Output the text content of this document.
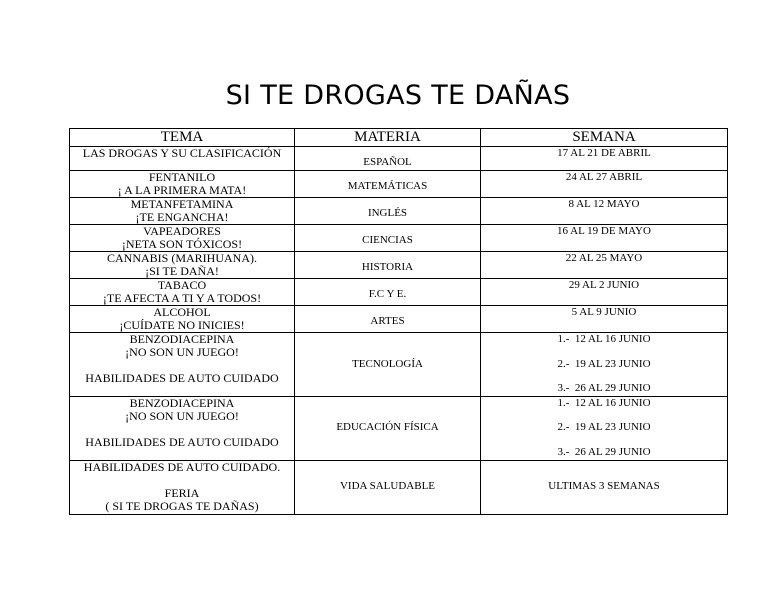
SI TE DROGAS TE DAÑAS
TEMA	MATERIA	SEMANA

LAS DROGAS Y SU CLASIFICACIÓN	ESPAÑOL	17 AL 21 DE ABRIL

FENTANILO
¡ A LA PRIMERA MATA!	MATEMÁTICAS	24 AL 27 ABRIL

METANFETAMINA
¡TE ENGANCHA!	INGLÉS	8 AL 12 MAYO

VAPEADORES
¡NETA SON TÓXICOS!	CIENCIAS	16 AL 19 DE MAYO

CANNABIS (MARIHUANA).
¡SI TE DAÑA!	HISTORIA	22 AL 25 MAYO

TABACO
¡TE AFECTA A TI Y A TODOS!	F.C Y E.	29 AL 2 JUNIO

ALCOHOL
¡CUÍDATE NO INICIES!	ARTES	5 AL 9 JUNIO

BENZODIACEPINA
¡NO SON UN JUEGO!
HABILIDADES DE AUTO CUIDADO	TECNOLOGÍA	1.-  12 AL 16 JUNIO
2.-  19 AL 23 JUNIO
3.-  26 AL 29 JUNIO

BENZODIACEPINA
¡NO SON UN JUEGO!
HABILIDADES DE AUTO CUIDADO	EDUCACIÓN FÍSICA	1.-  12 AL 16 JUNIO
2.-  19 AL 23 JUNIO
3.-  26 AL 29 JUNIO

HABILIDADES DE AUTO CUIDADO.
FERIA
( SI TE DROGAS TE DAÑAS)	VIDA SALUDABLE	ULTIMAS 3 SEMANAS
